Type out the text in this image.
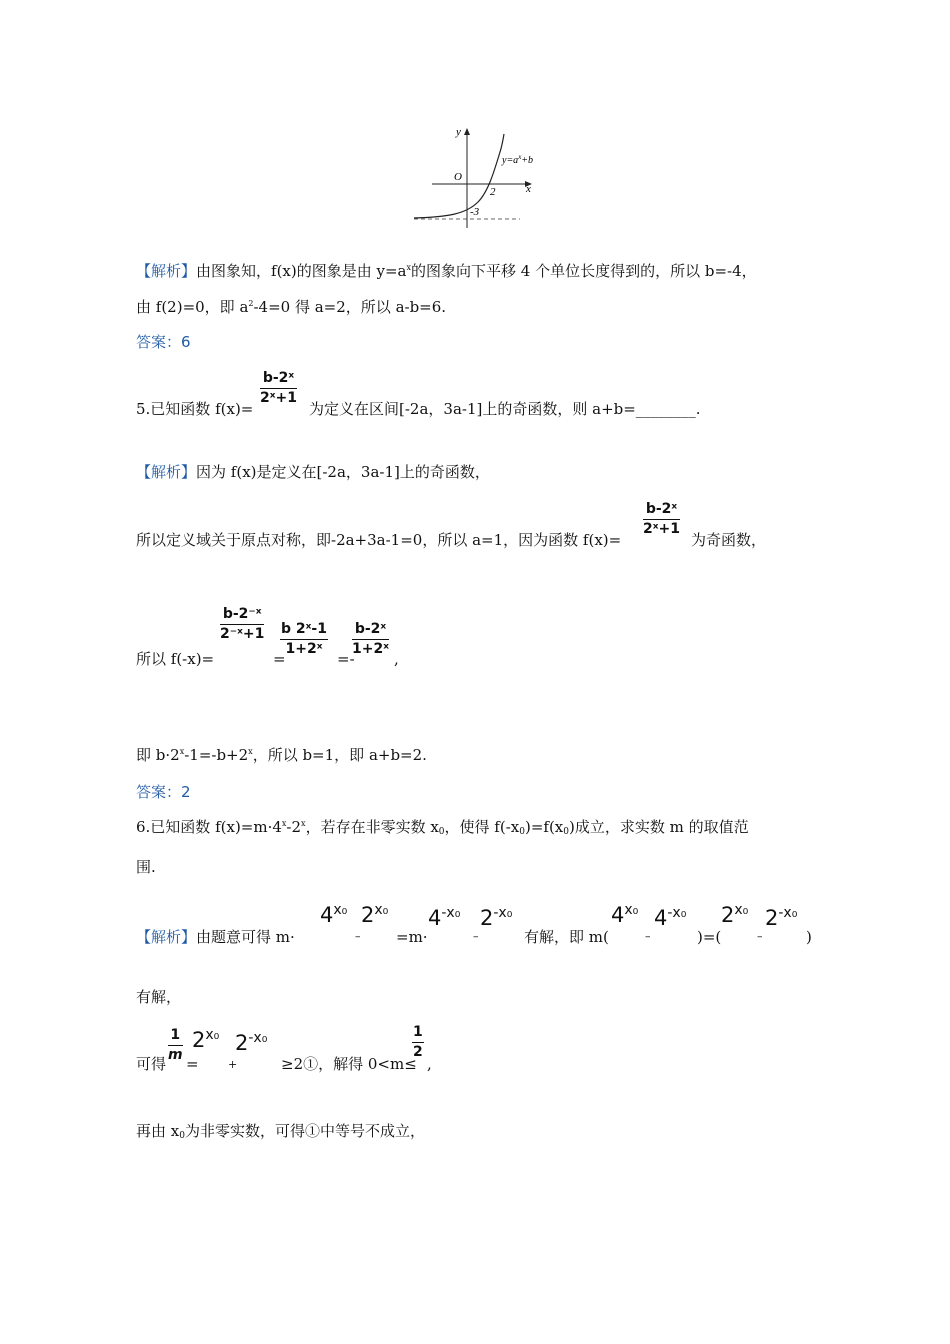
y
x
O
$y=a^x+b$
2
-3
【解析】由图象知，f(x)的图象是由 $y=a^x$的图象向下平移 4 个单位长度得到的，所以 b=-4，
由 f(2)=0，即 $a^2-4=0$ 得 a=2，所以 a-b=6.
答案：6
5.已知函数 f(x)=
b-2ˣ
2ˣ+1
为定义在区间[-2a，3a-1]上的奇函数，则 a+b=________.
【解析】因为 f(x)是定义在[-2a，3a-1]上的奇函数，
所以定义域关于原点对称，即-2a+3a-1=0，所以 a=1，因为函数 f(x)=
b-2ˣ
2ˣ+1
为奇函数，
所以 f(-x)=
b-2⁻ˣ
2⁻ˣ+1
=
b 2ˣ-1
1+2ˣ
=-
b-2ˣ
1+2ˣ
,
即 $b\cdot 2^x-1=-b+2^x$，所以 b=1，即 a+b=2.
答案：2
6.已知函数 $f(x)=m\cdot 4^x-2^x$，若存在非零实数 $x_0$，使得 $f(-x_0)=f(x_0)$成立，求实数 m 的取值范
围.
【解析】由题意可得 m·
$4^{x_0}$ $2^{x_0}$
– =m·
$4^{-x_0}$
–
$2^{-x_0}$
有解，即 m(
$4^{x_0}$
–
$4^{-x_0}$
)=(
$2^{x_0}$
–
$2^{-x_0}$
)
有解，
可得
1
m =
$2^{x_0}$
+
$2^{-x_0}$
≥2①，解得 0<m≤
1
2
,
再由 $x_0$为非零实数，可得①中等号不成立，
